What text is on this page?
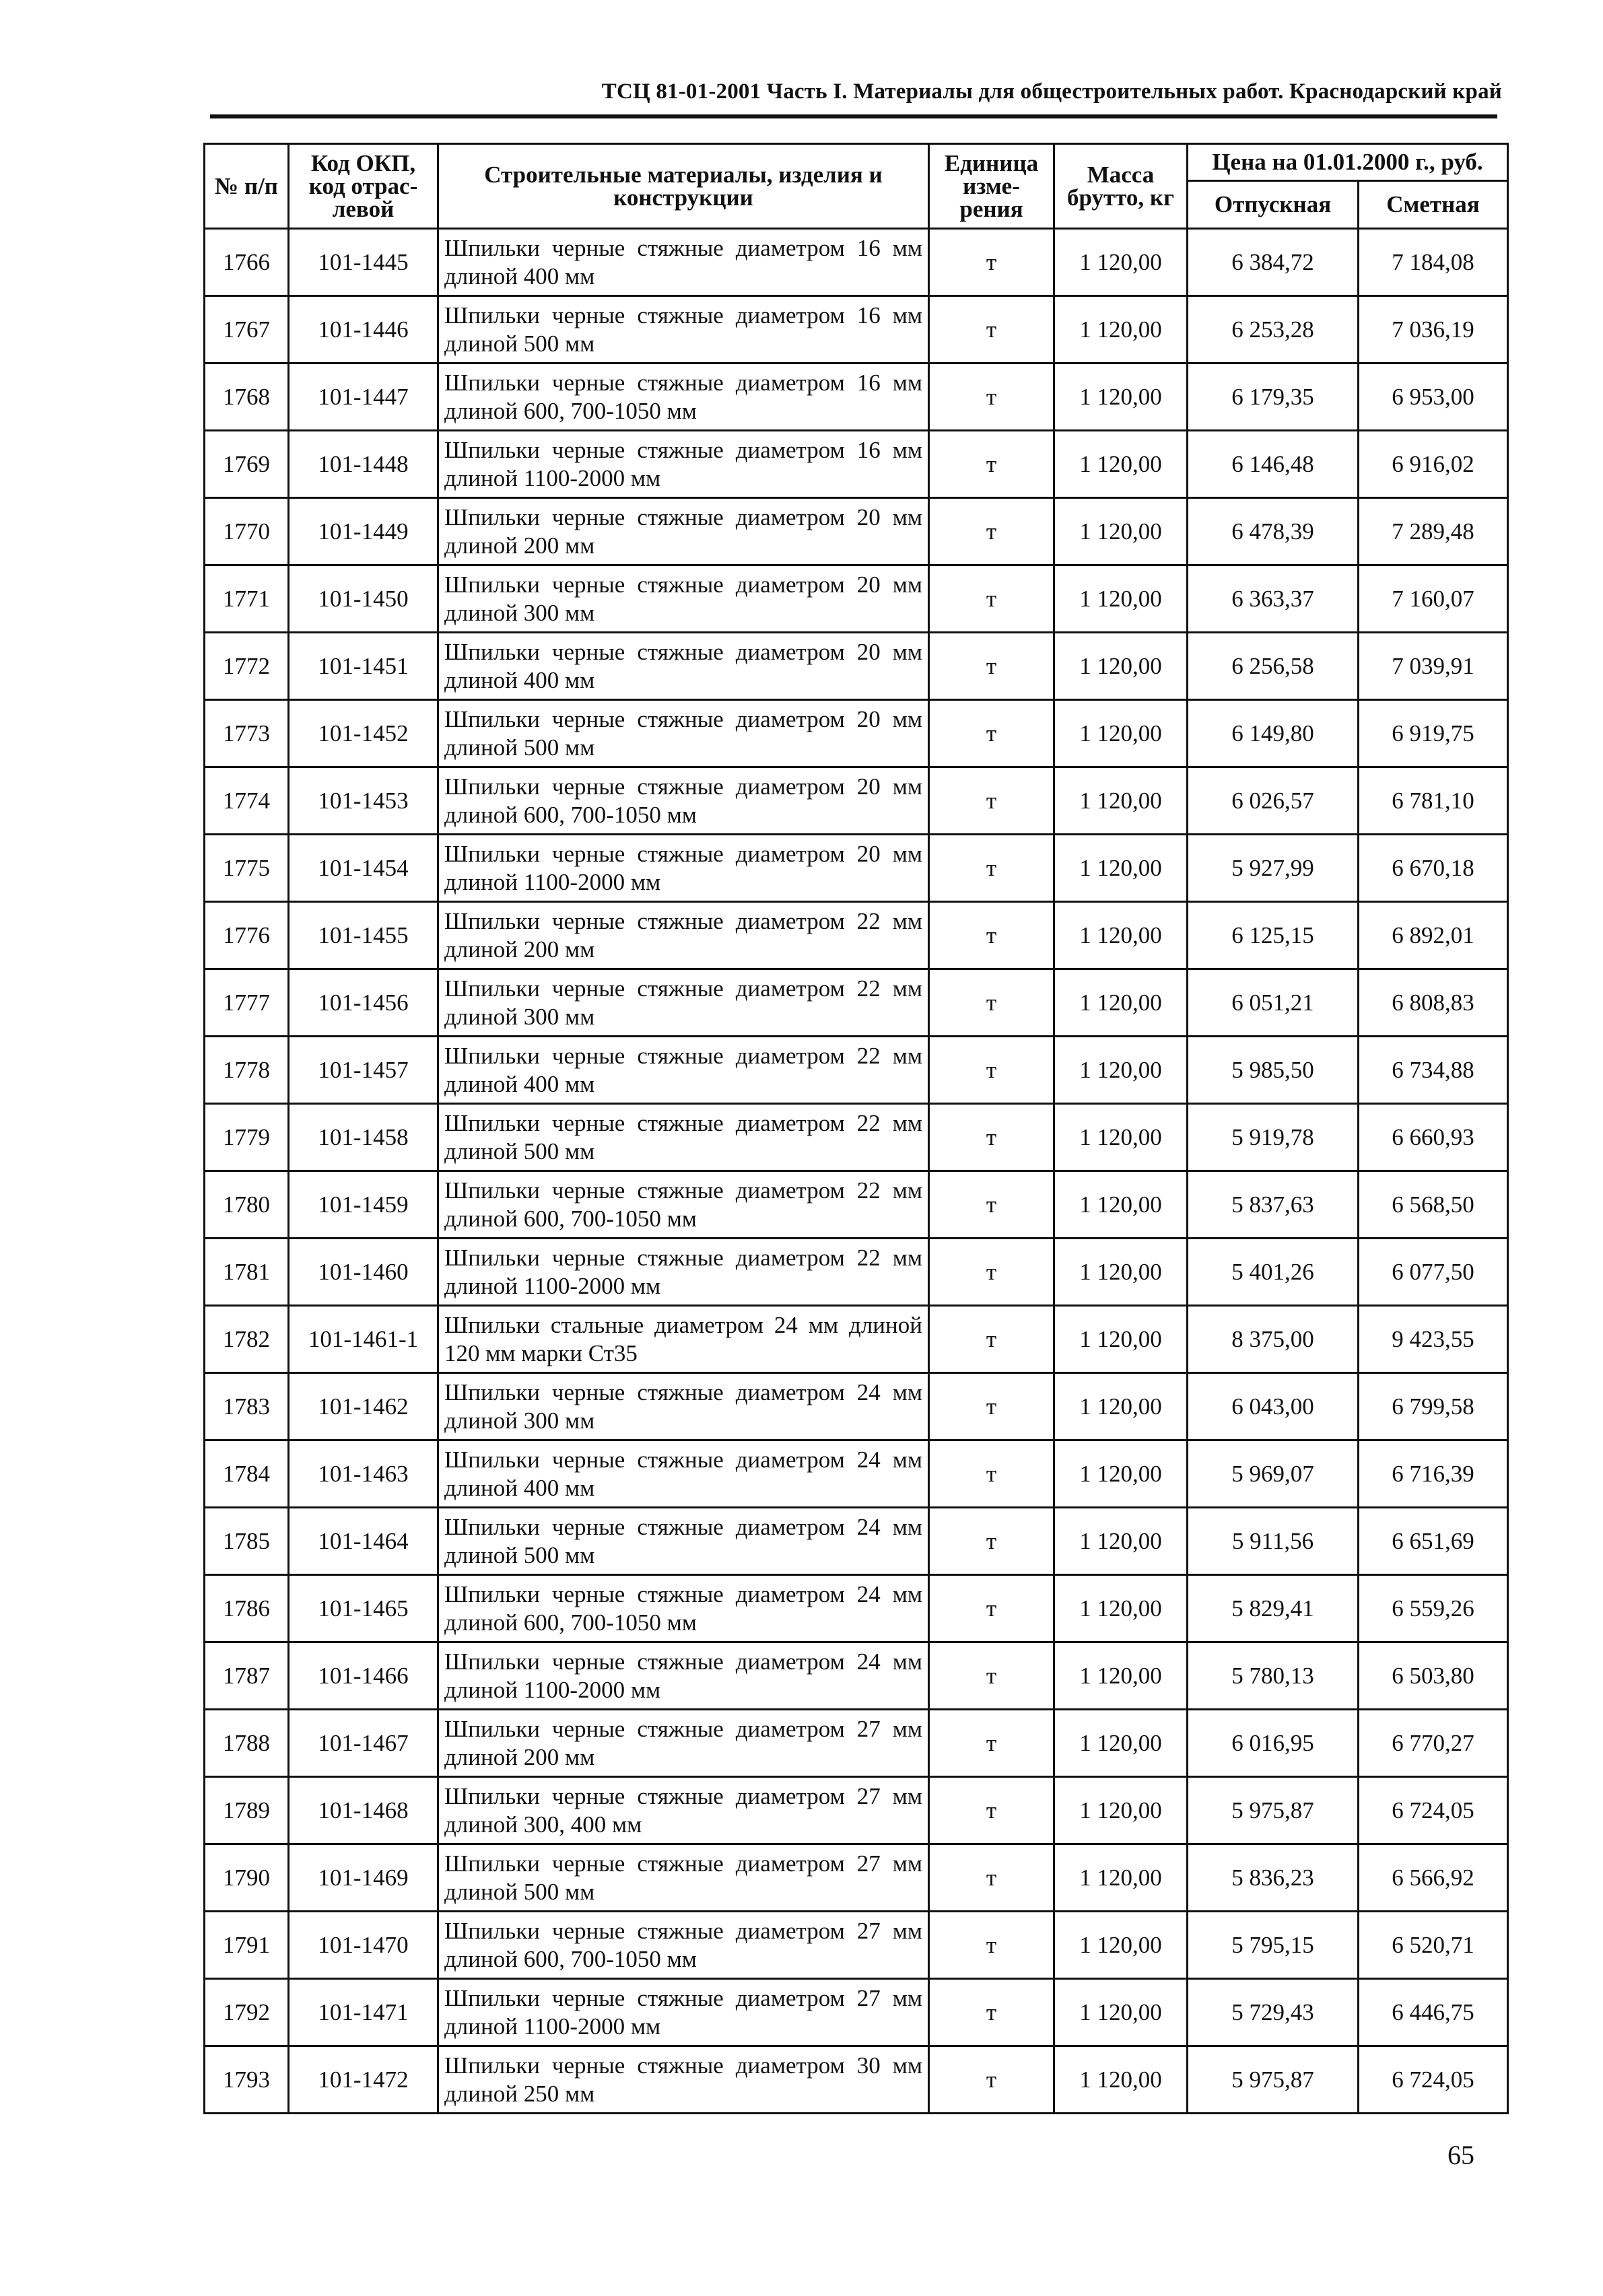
ТСЦ 81-01-2001 Часть I. Материалы для общестроительных работ. Краснодарский край
№ п/п	Код ОКП, код отрас-левой	Строительные материалы, изделия и конструкции	Единица изме-рения	Масса брутто, кг	Цена на 01.01.2000 г., руб.	
					Отпускная	Сметная
1766	101-1445	Шпильки черные стяжные диаметром 16 мм длиной 400 мм	т	1 120,00	6 384,72	7 184,08
1767	101-1446	Шпильки черные стяжные диаметром 16 мм длиной 500 мм	т	1 120,00	6 253,28	7 036,19
1768	101-1447	Шпильки черные стяжные диаметром 16 мм длиной 600, 700-1050 мм	т	1 120,00	6 179,35	6 953,00
1769	101-1448	Шпильки черные стяжные диаметром 16 мм длиной 1100-2000 мм	т	1 120,00	6 146,48	6 916,02
1770	101-1449	Шпильки черные стяжные диаметром 20 мм длиной 200 мм	т	1 120,00	6 478,39	7 289,48
1771	101-1450	Шпильки черные стяжные диаметром 20 мм длиной 300 мм	т	1 120,00	6 363,37	7 160,07
1772	101-1451	Шпильки черные стяжные диаметром 20 мм длиной 400 мм	т	1 120,00	6 256,58	7 039,91
1773	101-1452	Шпильки черные стяжные диаметром 20 мм длиной 500 мм	т	1 120,00	6 149,80	6 919,75
1774	101-1453	Шпильки черные стяжные диаметром 20 мм длиной 600, 700-1050 мм	т	1 120,00	6 026,57	6 781,10
1775	101-1454	Шпильки черные стяжные диаметром 20 мм длиной 1100-2000 мм	т	1 120,00	5 927,99	6 670,18
1776	101-1455	Шпильки черные стяжные диаметром 22 мм длиной 200 мм	т	1 120,00	6 125,15	6 892,01
1777	101-1456	Шпильки черные стяжные диаметром 22 мм длиной 300 мм	т	1 120,00	6 051,21	6 808,83
1778	101-1457	Шпильки черные стяжные диаметром 22 мм длиной 400 мм	т	1 120,00	5 985,50	6 734,88
1779	101-1458	Шпильки черные стяжные диаметром 22 мм длиной 500 мм	т	1 120,00	5 919,78	6 660,93
1780	101-1459	Шпильки черные стяжные диаметром 22 мм длиной 600, 700-1050 мм	т	1 120,00	5 837,63	6 568,50
1781	101-1460	Шпильки черные стяжные диаметром 22 мм длиной 1100-2000 мм	т	1 120,00	5 401,26	6 077,50
1782	101-1461-1	Шпильки стальные диаметром 24 мм длиной 120 мм марки Ст35	т	1 120,00	8 375,00	9 423,55
1783	101-1462	Шпильки черные стяжные диаметром 24 мм длиной 300 мм	т	1 120,00	6 043,00	6 799,58
1784	101-1463	Шпильки черные стяжные диаметром 24 мм длиной 400 мм	т	1 120,00	5 969,07	6 716,39
1785	101-1464	Шпильки черные стяжные диаметром 24 мм длиной 500 мм	т	1 120,00	5 911,56	6 651,69
1786	101-1465	Шпильки черные стяжные диаметром 24 мм длиной 600, 700-1050 мм	т	1 120,00	5 829,41	6 559,26
1787	101-1466	Шпильки черные стяжные диаметром 24 мм длиной 1100-2000 мм	т	1 120,00	5 780,13	6 503,80
1788	101-1467	Шпильки черные стяжные диаметром 27 мм длиной 200 мм	т	1 120,00	6 016,95	6 770,27
1789	101-1468	Шпильки черные стяжные диаметром 27 мм длиной 300, 400 мм	т	1 120,00	5 975,87	6 724,05
1790	101-1469	Шпильки черные стяжные диаметром 27 мм длиной 500 мм	т	1 120,00	5 836,23	6 566,92
1791	101-1470	Шпильки черные стяжные диаметром 27 мм длиной 600, 700-1050 мм	т	1 120,00	5 795,15	6 520,71
1792	101-1471	Шпильки черные стяжные диаметром 27 мм длиной 1100-2000 мм	т	1 120,00	5 729,43	6 446,75
1793	101-1472	Шпильки черные стяжные диаметром 30 мм длиной 250 мм	т	1 120,00	5 975,87	6 724,05
65
